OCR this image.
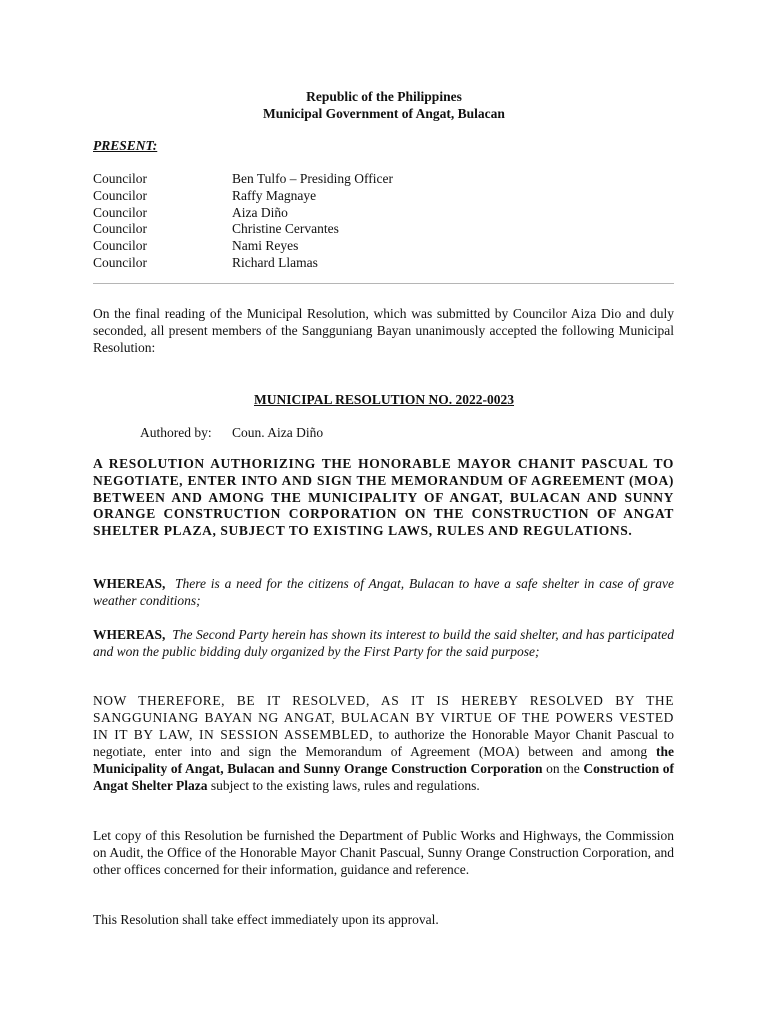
Republic of the Philippines
Municipal Government of Angat, Bulacan
PRESENT:
Councilor	Ben Tulfo – Presiding Officer
Councilor	Raffy Magnaye
Councilor	Aiza Diño
Councilor	Christine Cervantes
Councilor	Nami Reyes
Councilor	Richard Llamas
On the final reading of the Municipal Resolution, which was submitted by Councilor Aiza Dio and duly seconded, all present members of the Sangguniang Bayan unanimously accepted the following Municipal Resolution:
MUNICIPAL RESOLUTION NO. 2022-0023
Authored by: Coun. Aiza Diño
A RESOLUTION AUTHORIZING THE HONORABLE MAYOR CHANIT PASCUAL TO NEGOTIATE, ENTER INTO AND SIGN THE MEMORANDUM OF AGREEMENT (MOA) BETWEEN AND AMONG THE MUNICIPALITY OF ANGAT, BULACAN AND SUNNY ORANGE CONSTRUCTION CORPORATION ON THE CONSTRUCTION OF ANGAT SHELTER PLAZA, SUBJECT TO EXISTING LAWS, RULES AND REGULATIONS.
WHEREAS, There is a need for the citizens of Angat, Bulacan to have a safe shelter in case of grave weather conditions;
WHEREAS, The Second Party herein has shown its interest to build the said shelter, and has participated and won the public bidding duly organized by the First Party for the said purpose;
NOW THEREFORE, BE IT RESOLVED, AS IT IS HEREBY RESOLVED BY THE SANGGUNIANG BAYAN NG ANGAT, BULACAN BY VIRTUE OF THE POWERS VESTED IN IT BY LAW, IN SESSION ASSEMBLED, to authorize the Honorable Mayor Chanit Pascual to negotiate, enter into and sign the Memorandum of Agreement (MOA) between and among the Municipality of Angat, Bulacan and Sunny Orange Construction Corporation on the Construction of Angat Shelter Plaza subject to the existing laws, rules and regulations.
Let copy of this Resolution be furnished the Department of Public Works and Highways, the Commission on Audit, the Office of the Honorable Mayor Chanit Pascual, Sunny Orange Construction Corporation, and other offices concerned for their information, guidance and reference.
This Resolution shall take effect immediately upon its approval.
